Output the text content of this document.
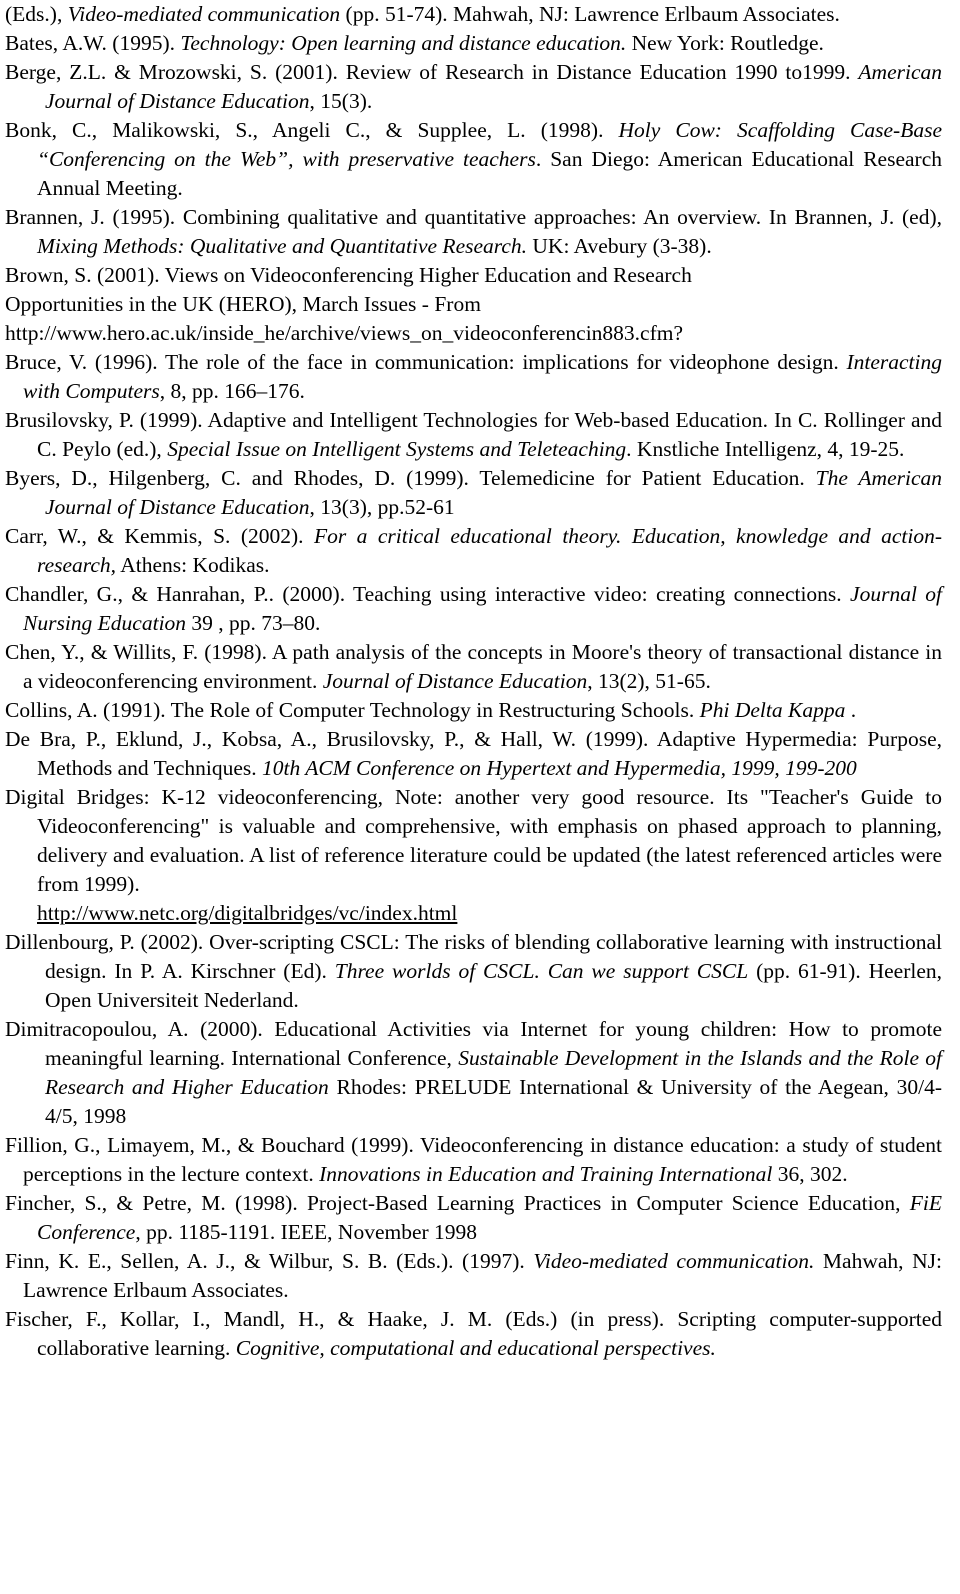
(Eds.), Video-mediated communication (pp. 51-74). Mahwah, NJ: Lawrence Erlbaum Associates.

Bates, A.W. (1995). Technology: Open learning and distance education. New York: Routledge.

Berge, Z.L. & Mrozowski, S. (2001). Review of Research in Distance Education 1990 to1999. American Journal of Distance Education, 15(3).

Bonk, C., Malikowski, S., Angeli C., & Supplee, L. (1998). Holy Cow: Scaffolding Case-Base “Conferencing on the Web”, with preservative teachers. San Diego: American Educational Research Annual Meeting.

Brannen, J. (1995). Combining qualitative and quantitative approaches: An overview. In Brannen, J. (ed), Mixing Methods: Qualitative and Quantitative Research. UK: Avebury (3-38).

Brown, S. (2001). Views on Videoconferencing Higher Education and Research
Opportunities in the UK (HERO), March Issues - From
http://www.hero.ac.uk/inside_he/archive/views_on_videoconferencin883.cfm?

Bruce, V. (1996). The role of the face in communication: implications for videophone design. Interacting with Computers, 8, pp. 166–176.

Brusilovsky, P. (1999). Adaptive and Intelligent Technologies for Web-based Education. In C. Rollinger and C. Peylo (ed.), Special Issue on Intelligent Systems and Teleteaching. Knstliche Intelligenz, 4, 19-25.

Byers, D., Hilgenberg, C. and Rhodes, D. (1999). Telemedicine for Patient Education. The American Journal of Distance Education, 13(3), pp.52-61

Carr, W., & Kemmis, S. (2002). For a critical educational theory. Education, knowledge and action-research, Athens: Kodikas.

Chandler, G., & Hanrahan, P.. (2000). Teaching using interactive video: creating connections. Journal of Nursing Education 39 , pp. 73–80.

Chen, Y., & Willits, F. (1998). A path analysis of the concepts in Moore's theory of transactional distance in a videoconferencing environment. Journal of Distance Education, 13(2), 51-65.

Collins, A. (1991). The Role of Computer Technology in Restructuring Schools. Phi Delta Kappa .

De Bra, P., Eklund, J., Kobsa, A., Brusilovsky, P., & Hall, W. (1999). Adaptive Hypermedia: Purpose, Methods and Techniques. 10th ACM Conference on Hypertext and Hypermedia, 1999, 199-200

Digital Bridges: K-12 videoconferencing, Note: another very good resource. Its "Teacher's Guide to Videoconferencing" is valuable and comprehensive, with emphasis on phased approach to planning, delivery and evaluation. A list of reference literature could be updated (the latest referenced articles were from 1999).
http://www.netc.org/digitalbridges/vc/index.html

Dillenbourg, P. (2002). Over-scripting CSCL: The risks of blending collaborative learning with instructional design. In P. A. Kirschner (Ed). Three worlds of CSCL. Can we support CSCL (pp. 61-91). Heerlen, Open Universiteit Nederland.

Dimitracopoulou, A. (2000). Educational Activities via Internet for young children: How to promote meaningful learning. International Conference, Sustainable Development in the Islands and the Role of Research and Higher Education Rhodes: PRELUDE International & University of the Aegean, 30/4-4/5, 1998

Fillion, G., Limayem, M., & Bouchard (1999). Videoconferencing in distance education: a study of student perceptions in the lecture context. Innovations in Education and Training International 36, 302.

Fincher, S., & Petre, M. (1998). Project-Based Learning Practices in Computer Science Education, FiE Conference, pp. 1185-1191. IEEE, November 1998

Finn, K. E., Sellen, A. J., & Wilbur, S. B. (Eds.). (1997). Video-mediated communication. Mahwah, NJ: Lawrence Erlbaum Associates.

Fischer, F., Kollar, I., Mandl, H., & Haake, J. M. (Eds.) (in press). Scripting computer-supported collaborative learning. Cognitive, computational and educational perspectives.
